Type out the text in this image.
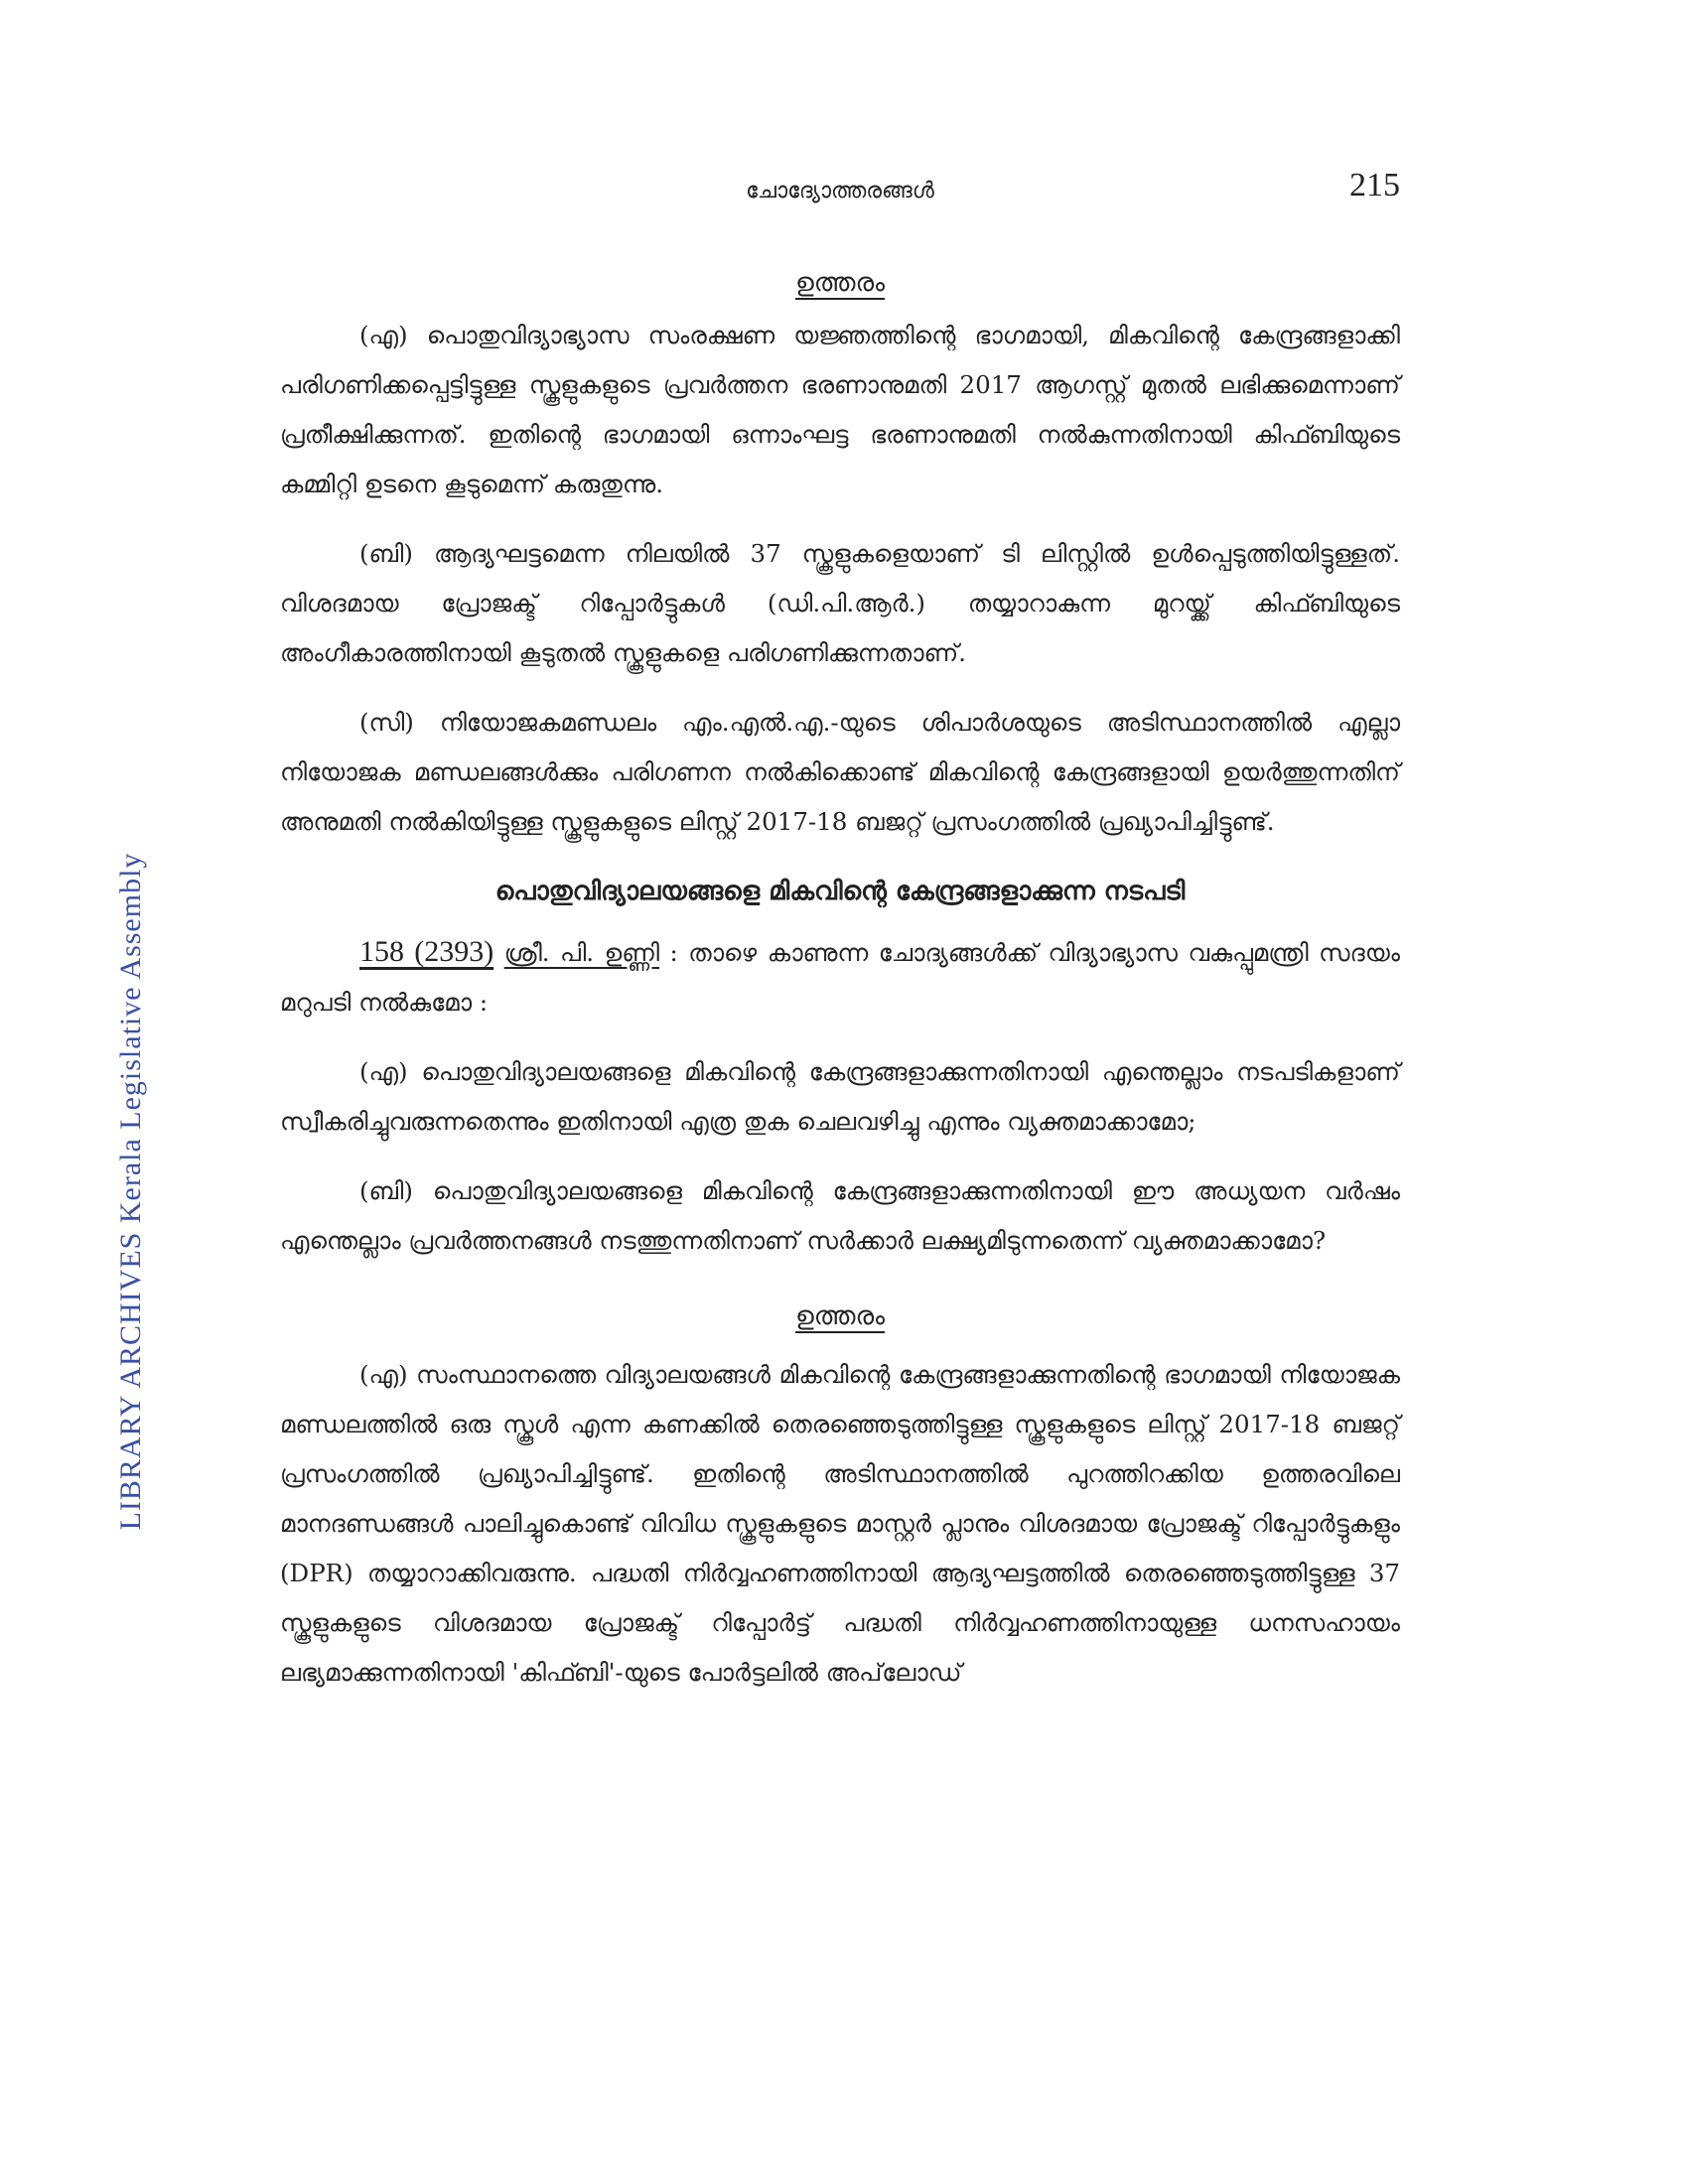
LIBRARY ARCHIVES Kerala Legislative Assembly
ചോദ്യോത്തരങ്ങൾ	215

ഉത്തരം

(എ) പൊതുവിദ്യാഭ്യാസ സംരക്ഷണ യജ്ഞത്തിന്റെ ഭാഗമായി, മികവിന്റെ കേന്ദ്രങ്ങളാക്കി പരിഗണിക്കപ്പെട്ടിട്ടുള്ള സ്കൂളുകളുടെ പ്രവർത്തന ഭരണാനുമതി 2017 ആഗസ്റ്റ് മുതൽ ലഭിക്കുമെന്നാണ് പ്രതീക്ഷിക്കുന്നത്. ഇതിന്റെ ഭാഗമായി ഒന്നാംഘട്ട ഭരണാനുമതി നൽകുന്നതിനായി കിഫ്ബിയുടെ കമ്മിറ്റി ഉടനെ കൂടുമെന്ന് കരുതുന്നു.

(ബി) ആദ്യഘട്ടമെന്ന നിലയിൽ 37 സ്കൂളുകളെയാണ് ടി ലിസ്റ്റിൽ ഉൾപ്പെടുത്തിയിട്ടുള്ളത്. വിശദമായ പ്രോജക്ട് റിപ്പോർട്ടുകൾ (ഡി.പി.ആർ.) തയ്യാറാകുന്ന മുറയ്ക്ക് കിഫ്ബിയുടെ അംഗീകാരത്തിനായി കൂടുതൽ സ്കൂളുകളെ പരിഗണിക്കുന്നതാണ്.

(സി) നിയോജകമണ്ഡലം എം.എൽ.എ.-യുടെ ശിപാർശയുടെ അടിസ്ഥാനത്തിൽ എല്ലാ നിയോജക മണ്ഡലങ്ങൾക്കും പരിഗണന നൽകിക്കൊണ്ട് മികവിന്റെ കേന്ദ്രങ്ങളായി ഉയർത്തുന്നതിന് അനുമതി നൽകിയിട്ടുള്ള സ്കൂളുകളുടെ ലിസ്റ്റ് 2017-18 ബജറ്റ് പ്രസംഗത്തിൽ പ്രഖ്യാപിച്ചിട്ടുണ്ട്.

പൊതുവിദ്യാലയങ്ങളെ മികവിന്റെ കേന്ദ്രങ്ങളാക്കുന്ന നടപടി

158 (2393) ശ്രീ. പി. ഉണ്ണി : താഴെ കാണുന്ന ചോദ്യങ്ങൾക്ക് വിദ്യാഭ്യാസ വകുപ്പുമന്ത്രി സദയം മറുപടി നൽകുമോ :

(എ) പൊതുവിദ്യാലയങ്ങളെ മികവിന്റെ കേന്ദ്രങ്ങളാക്കുന്നതിനായി എന്തെല്ലാം നടപടികളാണ് സ്വീകരിച്ചുവരുന്നതെന്നും ഇതിനായി എത്ര തുക ചെലവഴിച്ചു എന്നും വ്യക്തമാക്കാമോ;

(ബി) പൊതുവിദ്യാലയങ്ങളെ മികവിന്റെ കേന്ദ്രങ്ങളാക്കുന്നതിനായി ഈ അധ്യയന വർഷം എന്തെല്ലാം പ്രവർത്തനങ്ങൾ നടത്തുന്നതിനാണ് സർക്കാർ ലക്ഷ്യമിടുന്നതെന്ന് വ്യക്തമാക്കാമോ?

ഉത്തരം

(എ) സംസ്ഥാനത്തെ വിദ്യാലയങ്ങൾ മികവിന്റെ കേന്ദ്രങ്ങളാക്കുന്നതിന്റെ ഭാഗമായി നിയോജക മണ്ഡലത്തിൽ ഒരു സ്കൂൾ എന്ന കണക്കിൽ തെരഞ്ഞെടുത്തിട്ടുള്ള സ്കൂളുകളുടെ ലിസ്റ്റ് 2017-18 ബജറ്റ് പ്രസംഗത്തിൽ പ്രഖ്യാപിച്ചിട്ടുണ്ട്. ഇതിന്റെ അടിസ്ഥാനത്തിൽ പുറത്തിറക്കിയ ഉത്തരവിലെ മാനദണ്ഡങ്ങൾ പാലിച്ചുകൊണ്ട് വിവിധ സ്കൂളുകളുടെ മാസ്റ്റർ പ്ലാനും വിശദമായ പ്രോജക്ട് റിപ്പോർട്ടുകളും (DPR) തയ്യാറാക്കിവരുന്നു. പദ്ധതി നിർവ്വഹണത്തിനായി ആദ്യഘട്ടത്തിൽ തെരഞ്ഞെടുത്തിട്ടുള്ള 37 സ്കൂളുകളുടെ വിശദമായ പ്രോജക്ട് റിപ്പോർട്ട് പദ്ധതി നിർവ്വഹണത്തിനായുള്ള ധനസഹായം ലഭ്യമാക്കുന്നതിനായി 'കിഫ്ബി'-യുടെ പോർട്ടലിൽ അപ്‌ലോഡ്
